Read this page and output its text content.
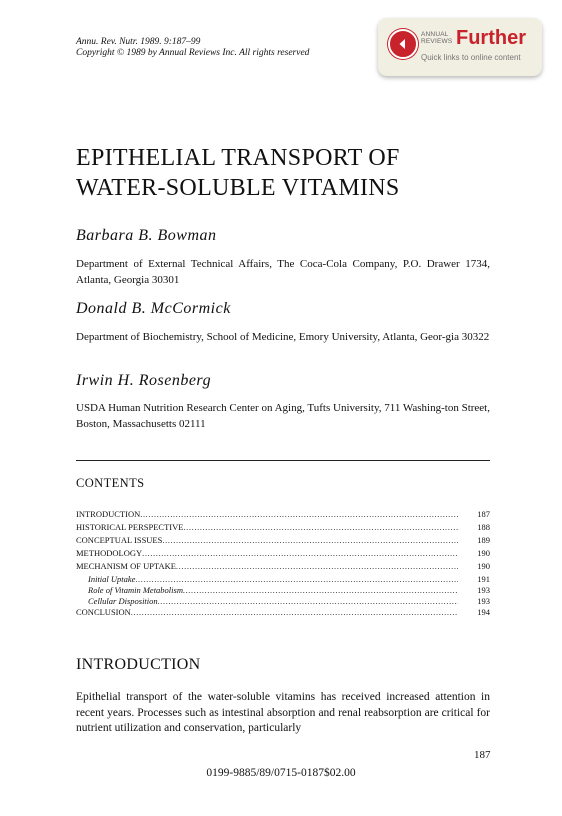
Annu. Rev. Nutr. 1989. 9:187–99
Copyright © 1989 by Annual Reviews Inc. All rights reserved
ANNUAL
REVIEWS Further
Quick links to online content
EPITHELIAL TRANSPORT OF
WATER-SOLUBLE VITAMINS
Barbara B. Bowman
Department of External Technical Affairs, The Coca-Cola Company, P.O. Drawer 1734, Atlanta, Georgia 30301
Donald B. McCormick
Department of Biochemistry, School of Medicine, Emory University, Atlanta, Geor-gia 30322
Irwin H. Rosenberg
USDA Human Nutrition Research Center on Aging, Tufts University, 711 Washing-ton Street, Boston, Massachusetts 02111
CONTENTS
INTRODUCTION .....	187
HISTORICAL PERSPECTIVE .....	188
CONCEPTUAL ISSUES .....	189
METHODOLOGY .....	190
MECHANISM OF UPTAKE .....	190
Initial Uptake .....	191
Role of Vitamin Metabolism .....	193
Cellular Disposition .....	193
CONCLUSION .....	194
INTRODUCTION
Epithelial transport of the water-soluble vitamins has received increased attention in recent years. Processes such as intestinal absorption and renal reabsorption are critical for nutrient utilization and conservation, particularly
187
0199-9885/89/0715-0187$02.00
